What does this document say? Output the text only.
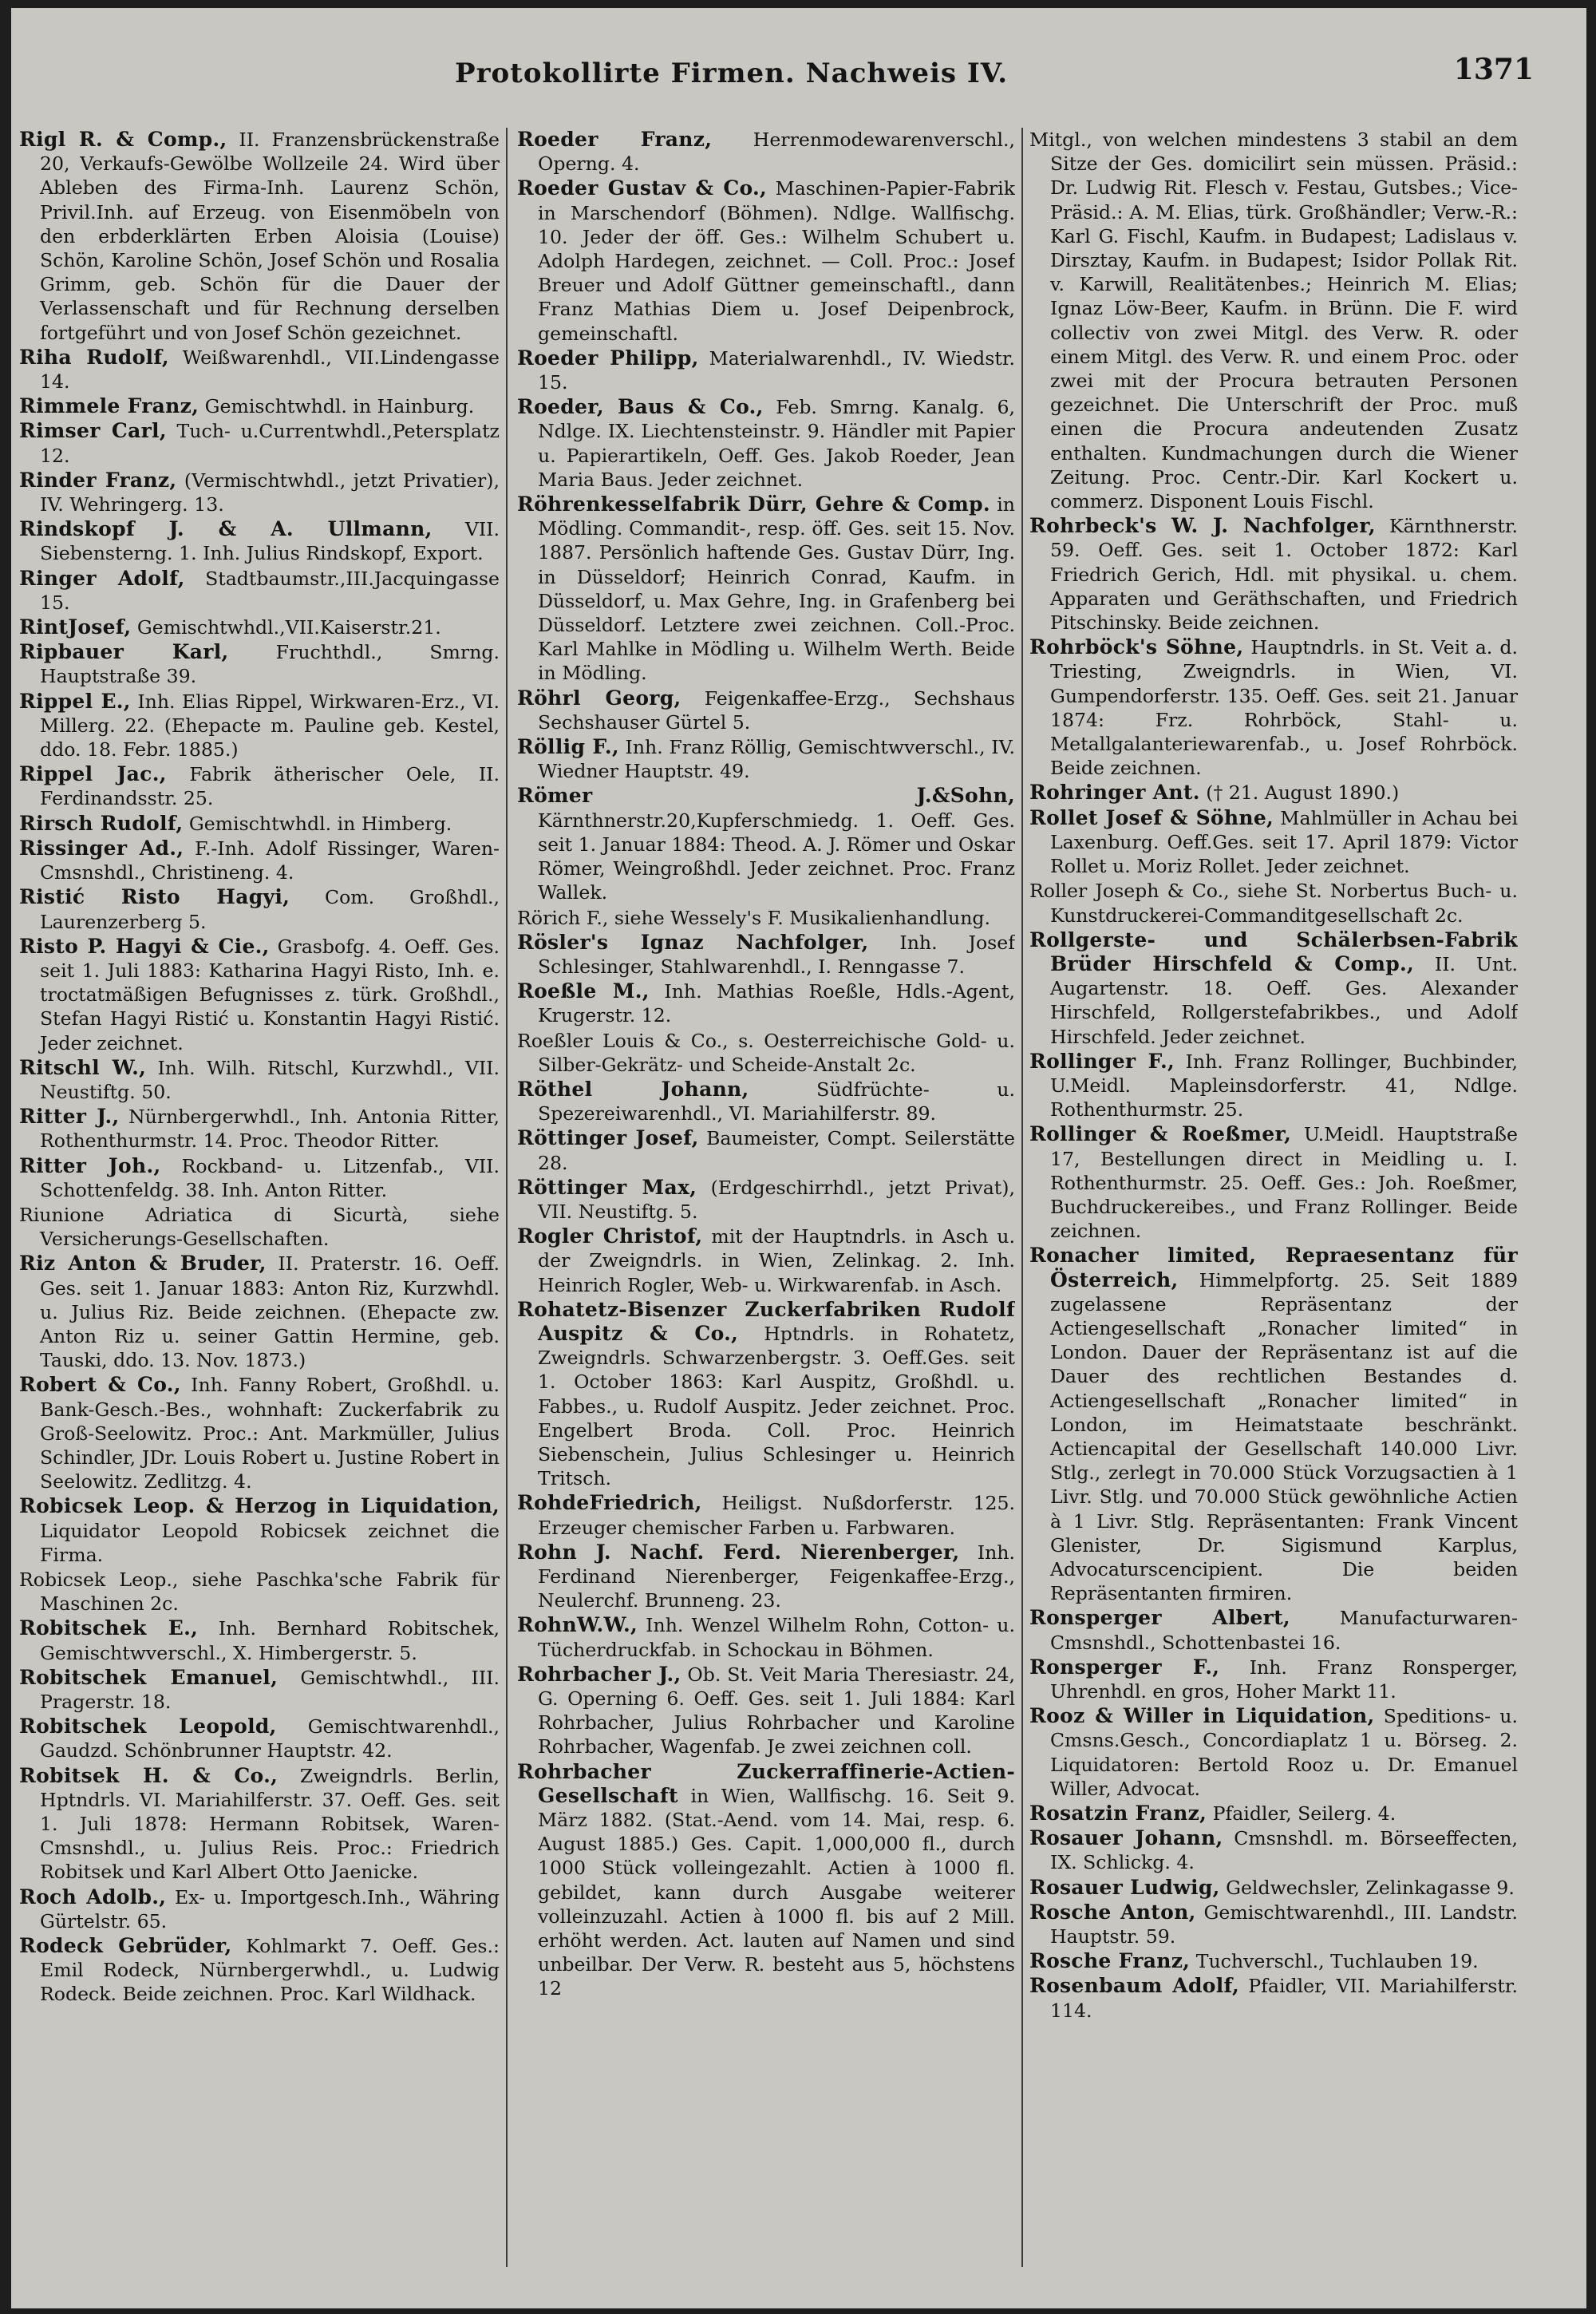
Protokollirte Firmen. Nachweis IV.	1371

Rigl R. & Comp., II. Franzensbrückenstraße 20, Verkaufs-Gewölbe Wollzeile 24. Wird über Ableben des Firma-Inh. Laurenz Schön, Privil.Inh. auf Erzeug. von Eisenmöbeln von den erbderklärten Erben Aloisia (Louise) Schön, Karoline Schön, Josef Schön und Rosalia Grimm, geb. Schön für die Dauer der Verlassenschaft und für Rechnung derselben fortgeführt und von Josef Schön gezeichnet.

Riha Rudolf, Weißwarenhdl., VII.Lindengasse 14.

Rimmele Franz, Gemischtwhdl. in Hainburg.

Rimser Carl, Tuch- u.Currentwhdl.,Petersplatz 12.

Rinder Franz, (Vermischtwhdl., jetzt Privatier), IV. Wehringerg. 13.

Rindskopf J. & A. Ullmann, VII. Siebensterng. 1. Inh. Julius Rindskopf, Export.

Ringer Adolf, Stadtbaumstr.,III.Jacquingasse 15.

RintJosef, Gemischtwhdl.,VII.Kaiserstr.21.

Ripbauer Karl, Fruchthdl., Smrng. Hauptstraße 39.

Rippel E., Inh. Elias Rippel, Wirkwaren-Erz., VI. Millerg. 22. (Ehepacte m. Pauline geb. Kestel, ddo. 18. Febr. 1885.)

Rippel Jac., Fabrik ätherischer Oele, II. Ferdinandsstr. 25.

Rirsch Rudolf, Gemischtwhdl. in Himberg.

Rissinger Ad., F.-Inh. Adolf Rissinger, Waren-Cmsnshdl., Christineng. 4.

Ristić Risto Hagyi, Com. Großhdl., Laurenzerberg 5.

Risto P. Hagyi & Cie., Grasbofg. 4. Oeff. Ges. seit 1. Juli 1883: Katharina Hagyi Risto, Inh. e. troctatmäßigen Befugnisses z. türk. Großhdl., Stefan Hagyi Ristić u. Konstantin Hagyi Ristić. Jeder zeichnet.

Ritschl W., Inh. Wilh. Ritschl, Kurzwhdl., VII. Neustiftg. 50.

Ritter J., Nürnbergerwhdl., Inh. Antonia Ritter, Rothenthurmstr. 14. Proc. Theodor Ritter.

Ritter Joh., Rockband- u. Litzenfab., VII. Schottenfeldg. 38. Inh. Anton Ritter.

Riunione Adriatica di Sicurtà, siehe Versicherungs-Gesellschaften.

Riz Anton & Bruder, II. Praterstr. 16. Oeff. Ges. seit 1. Januar 1883: Anton Riz, Kurzwhdl. u. Julius Riz. Beide zeichnen. (Ehepacte zw. Anton Riz u. seiner Gattin Hermine, geb. Tauski, ddo. 13. Nov. 1873.)

Robert & Co., Inh. Fanny Robert, Großhdl. u. Bank-Gesch.-Bes., wohnhaft: Zuckerfabrik zu Groß-Seelowitz. Proc.: Ant. Markmüller, Julius Schindler, JDr. Louis Robert u. Justine Robert in Seelowitz. Zedlitzg. 4.

Robicsek Leop. & Herzog in Liquidation, Liquidator Leopold Robicsek zeichnet die Firma.

Robicsek Leop., siehe Paschka'sche Fabrik für Maschinen 2c.

Robitschek E., Inh. Bernhard Robitschek, Gemischtwverschl., X. Himbergerstr. 5.

Robitschek Emanuel, Gemischtwhdl., III. Pragerstr. 18.

Robitschek Leopold, Gemischtwarenhdl., Gaudzd. Schönbrunner Hauptstr. 42.

Robitsek H. & Co., Zweigndrls. Berlin, Hptndrls. VI. Mariahilferstr. 37. Oeff. Ges. seit 1. Juli 1878: Hermann Robitsek, Waren-Cmsnshdl., u. Julius Reis. Proc.: Friedrich Robitsek und Karl Albert Otto Jaenicke.

Roch Adolb., Ex- u. Importgesch.Inh., Währing Gürtelstr. 65.

Rodeck Gebrüder, Kohlmarkt 7. Oeff. Ges.: Emil Rodeck, Nürnbergerwhdl., u. Ludwig Rodeck. Beide zeichnen. Proc. Karl Wildhack.

Roeder Franz, Herrenmodewarenverschl., Operng. 4.

Roeder Gustav & Co., Maschinen-Papier-Fabrik in Marschendorf (Böhmen). Ndlge. Wallfischg. 10. Jeder der öff. Ges.: Wilhelm Schubert u. Adolph Hardegen, zeichnet. — Coll. Proc.: Josef Breuer und Adolf Güttner gemeinschaftl., dann Franz Mathias Diem u. Josef Deipenbrock, gemeinschaftl.

Roeder Philipp, Materialwarenhdl., IV. Wiedstr. 15.

Roeder, Baus & Co., Feb. Smrng. Kanalg. 6, Ndlge. IX. Liechtensteinstr. 9. Händler mit Papier u. Papierartikeln, Oeff. Ges. Jakob Roeder, Jean Maria Baus. Jeder zeichnet.

Röhrenkesselfabrik Dürr, Gehre & Comp. in Mödling. Commandit-, resp. öff. Ges. seit 15. Nov. 1887. Persönlich haftende Ges. Gustav Dürr, Ing. in Düsseldorf; Heinrich Conrad, Kaufm. in Düsseldorf, u. Max Gehre, Ing. in Grafenberg bei Düsseldorf. Letztere zwei zeichnen. Coll.-Proc. Karl Mahlke in Mödling u. Wilhelm Werth. Beide in Mödling.

Röhrl Georg, Feigenkaffee-Erzg., Sechshaus Sechshauser Gürtel 5.

Röllig F., Inh. Franz Röllig, Gemischtwverschl., IV. Wiedner Hauptstr. 49.

Römer J.&Sohn, Kärnthnerstr.20,Kupferschmiedg. 1. Oeff. Ges. seit 1. Januar 1884: Theod. A. J. Römer und Oskar Römer, Weingroßhdl. Jeder zeichnet. Proc. Franz Wallek.

Rörich F., siehe Wessely's F. Musikalienhandlung.

Rösler's Ignaz Nachfolger, Inh. Josef Schlesinger, Stahlwarenhdl., I. Renngasse 7.

Roeßle M., Inh. Mathias Roeßle, Hdls.-Agent, Krugerstr. 12.

Roeßler Louis & Co., s. Oesterreichische Gold- u. Silber-Gekrätz- und Scheide-Anstalt 2c.

Röthel Johann, Südfrüchte- u. Spezereiwarenhdl., VI. Mariahilferstr. 89.

Röttinger Josef, Baumeister, Compt. Seilerstätte 28.

Röttinger Max, (Erdgeschirrhdl., jetzt Privat), VII. Neustiftg. 5.

Rogler Christof, mit der Hauptndrls. in Asch u. der Zweigndrls. in Wien, Zelinkag. 2. Inh. Heinrich Rogler, Web- u. Wirkwarenfab. in Asch.

Rohatetz-Bisenzer Zuckerfabriken Rudolf Auspitz & Co., Hptndrls. in Rohatetz, Zweigndrls. Schwarzenbergstr. 3. Oeff.Ges. seit 1. October 1863: Karl Auspitz, Großhdl. u. Fabbes., u. Rudolf Auspitz. Jeder zeichnet. Proc. Engelbert Broda. Coll. Proc. Heinrich Siebenschein, Julius Schlesinger u. Heinrich Tritsch.

RohdeFriedrich, Heiligst. Nußdorferstr. 125. Erzeuger chemischer Farben u. Farbwaren.

Rohn J. Nachf. Ferd. Nierenberger, Inh. Ferdinand Nierenberger, Feigenkaffee-Erzg., Neulerchf. Brunneng. 23.

RohnW.W., Inh. Wenzel Wilhelm Rohn, Cotton- u. Tücherdruckfab. in Schockau in Böhmen.

Rohrbacher J., Ob. St. Veit Maria Theresiastr. 24, G. Operning 6. Oeff. Ges. seit 1. Juli 1884: Karl Rohrbacher, Julius Rohrbacher und Karoline Rohrbacher, Wagenfab. Je zwei zeichnen coll.

Rohrbacher Zuckerraffinerie-Actien-Gesellschaft in Wien, Wallfischg. 16. Seit 9. März 1882. (Stat.-Aend. vom 14. Mai, resp. 6. August 1885.) Ges. Capit. 1,000,000 fl., durch 1000 Stück volleingezahlt. Actien à 1000 fl. gebildet, kann durch Ausgabe weiterer volleinzuzahl. Actien à 1000 fl. bis auf 2 Mill. erhöht werden. Act. lauten auf Namen und sind unbeilbar. Der Verw. R. besteht aus 5, höchstens 12

Mitgl., von welchen mindestens 3 stabil an dem Sitze der Ges. domicilirt sein müssen. Präsid.: Dr. Ludwig Rit. Flesch v. Festau, Gutsbes.; Vice-Präsid.: A. M. Elias, türk. Großhändler; Verw.-R.: Karl G. Fischl, Kaufm. in Budapest; Ladislaus v. Dirsztay, Kaufm. in Budapest; Isidor Pollak Rit. v. Karwill, Realitätenbes.; Heinrich M. Elias; Ignaz Löw-Beer, Kaufm. in Brünn. Die F. wird collectiv von zwei Mitgl. des Verw. R. oder einem Mitgl. des Verw. R. und einem Proc. oder zwei mit der Procura betrauten Personen gezeichnet. Die Unterschrift der Proc. muß einen die Procura andeutenden Zusatz enthalten. Kundmachungen durch die Wiener Zeitung. Proc. Centr.-Dir. Karl Kockert u. commerz. Disponent Louis Fischl.

Rohrbeck's W. J. Nachfolger, Kärnthnerstr. 59. Oeff. Ges. seit 1. October 1872: Karl Friedrich Gerich, Hdl. mit physikal. u. chem. Apparaten und Geräthschaften, und Friedrich Pitschinsky. Beide zeichnen.

Rohrböck's Söhne, Hauptndrls. in St. Veit a. d. Triesting, Zweigndrls. in Wien, VI. Gumpendorferstr. 135. Oeff. Ges. seit 21. Januar 1874: Frz. Rohrböck, Stahl- u. Metallgalanteriewarenfab., u. Josef Rohrböck. Beide zeichnen.

Rohringer Ant. († 21. August 1890.)

Rollet Josef & Söhne, Mahlmüller in Achau bei Laxenburg. Oeff.Ges. seit 17. April 1879: Victor Rollet u. Moriz Rollet. Jeder zeichnet.

Roller Joseph & Co., siehe St. Norbertus Buch- u. Kunstdruckerei-Commanditgesellschaft 2c.

Rollgerste- und Schälerbsen-Fabrik Brüder Hirschfeld & Comp., II. Unt. Augartenstr. 18. Oeff. Ges. Alexander Hirschfeld, Rollgerstefabrikbes., und Adolf Hirschfeld. Jeder zeichnet.

Rollinger F., Inh. Franz Rollinger, Buchbinder, U.Meidl. Mapleinsdorferstr. 41, Ndlge. Rothenthurmstr. 25.

Rollinger & Roeßmer, U.Meidl. Hauptstraße 17, Bestellungen direct in Meidling u. I. Rothenthurmstr. 25. Oeff. Ges.: Joh. Roeßmer, Buchdruckereibes., und Franz Rollinger. Beide zeichnen.

Ronacher limited, Repraesentanz für Österreich, Himmelpfortg. 25. Seit 1889 zugelassene Repräsentanz der Actiengesellschaft „Ronacher limited“ in London. Dauer der Repräsentanz ist auf die Dauer des rechtlichen Bestandes d. Actiengesellschaft „Ronacher limited“ in London, im Heimatstaate beschränkt. Actiencapital der Gesellschaft 140.000 Livr. Stlg., zerlegt in 70.000 Stück Vorzugsactien à 1 Livr. Stlg. und 70.000 Stück gewöhnliche Actien à 1 Livr. Stlg. Repräsentanten: Frank Vincent Glenister, Dr. Sigismund Karplus, Advocaturscencipient. Die beiden Repräsentanten firmiren.

Ronsperger Albert, Manufacturwaren-Cmsnshdl., Schottenbastei 16.

Ronsperger F., Inh. Franz Ronsperger, Uhrenhdl. en gros, Hoher Markt 11.

Rooz & Willer in Liquidation, Speditions- u. Cmsns.Gesch., Concordiaplatz 1 u. Börseg. 2. Liquidatoren: Bertold Rooz u. Dr. Emanuel Willer, Advocat.

Rosatzin Franz, Pfaidler, Seilerg. 4.

Rosauer Johann, Cmsnshdl. m. Börseeffecten, IX. Schlickg. 4.

Rosauer Ludwig, Geldwechsler, Zelinkagasse 9.

Rosche Anton, Gemischtwarenhdl., III. Landstr. Hauptstr. 59.

Rosche Franz, Tuchverschl., Tuchlauben 19.

Rosenbaum Adolf, Pfaidler, VII. Mariahilferstr. 114.
